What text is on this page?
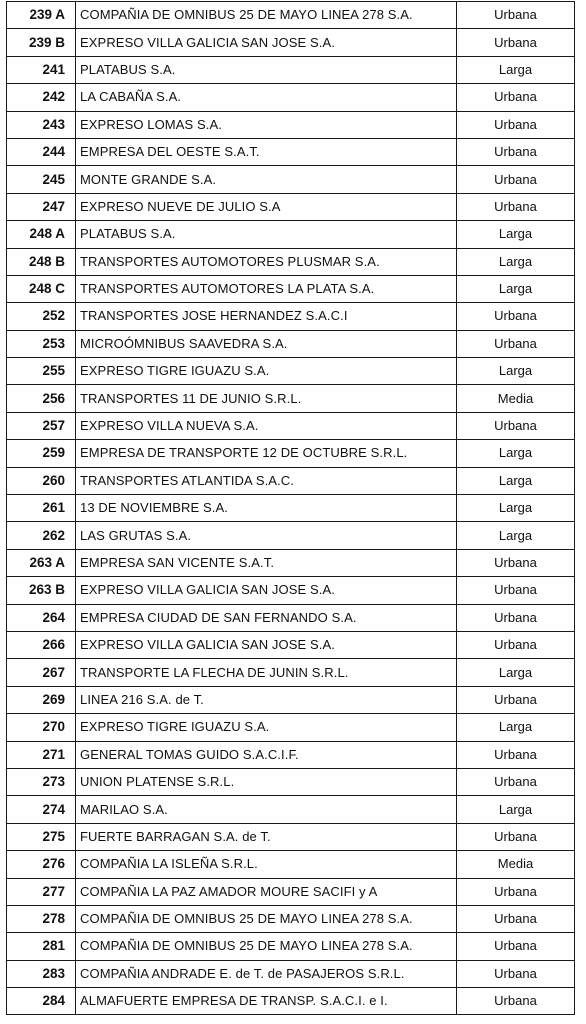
239 A	COMPAÑIA DE OMNIBUS 25 DE MAYO LINEA 278 S.A.	Urbana
239 B	EXPRESO VILLA GALICIA SAN JOSE S.A.	Urbana
241	PLATABUS S.A.	Larga
242	LA CABAÑA S.A.	Urbana
243	EXPRESO LOMAS S.A.	Urbana
244	EMPRESA DEL OESTE S.A.T.	Urbana
245	MONTE GRANDE S.A.	Urbana
247	EXPRESO NUEVE DE JULIO S.A	Urbana
248 A	PLATABUS S.A.	Larga
248 B	TRANSPORTES AUTOMOTORES PLUSMAR S.A.	Larga
248 C	TRANSPORTES AUTOMOTORES LA PLATA S.A.	Larga
252	TRANSPORTES JOSE HERNANDEZ S.A.C.I	Urbana
253	MICROÓMNIBUS SAAVEDRA S.A.	Urbana
255	EXPRESO TIGRE IGUAZU S.A.	Larga
256	TRANSPORTES 11 DE JUNIO S.R.L.	Media
257	EXPRESO VILLA NUEVA S.A.	Urbana
259	EMPRESA DE TRANSPORTE 12 DE OCTUBRE S.R.L.	Larga
260	TRANSPORTES ATLANTIDA S.A.C.	Larga
261	13 DE NOVIEMBRE S.A.	Larga
262	LAS GRUTAS S.A.	Larga
263 A	EMPRESA SAN VICENTE S.A.T.	Urbana
263 B	EXPRESO VILLA GALICIA SAN JOSE S.A.	Urbana
264	EMPRESA CIUDAD DE SAN FERNANDO S.A.	Urbana
266	EXPRESO VILLA GALICIA SAN JOSE S.A.	Urbana
267	TRANSPORTE LA FLECHA DE JUNIN S.R.L.	Larga
269	LINEA 216 S.A. de T.	Urbana
270	EXPRESO TIGRE IGUAZU S.A.	Larga
271	GENERAL TOMAS GUIDO S.A.C.I.F.	Urbana
273	UNION PLATENSE S.R.L.	Urbana
274	MARILAO S.A.	Larga
275	FUERTE BARRAGAN S.A. de T.	Urbana
276	COMPAÑIA LA ISLEÑA S.R.L.	Media
277	COMPAÑIA LA PAZ AMADOR MOURE SACIFI y A	Urbana
278	COMPAÑIA DE OMNIBUS 25 DE MAYO LINEA 278 S.A.	Urbana
281	COMPAÑIA DE OMNIBUS 25 DE MAYO LINEA 278 S.A.	Urbana
283	COMPAÑIA ANDRADE E. de T. de PASAJEROS S.R.L.	Urbana
284	ALMAFUERTE EMPRESA DE TRANSP. S.A.C.I. e I.	Urbana
